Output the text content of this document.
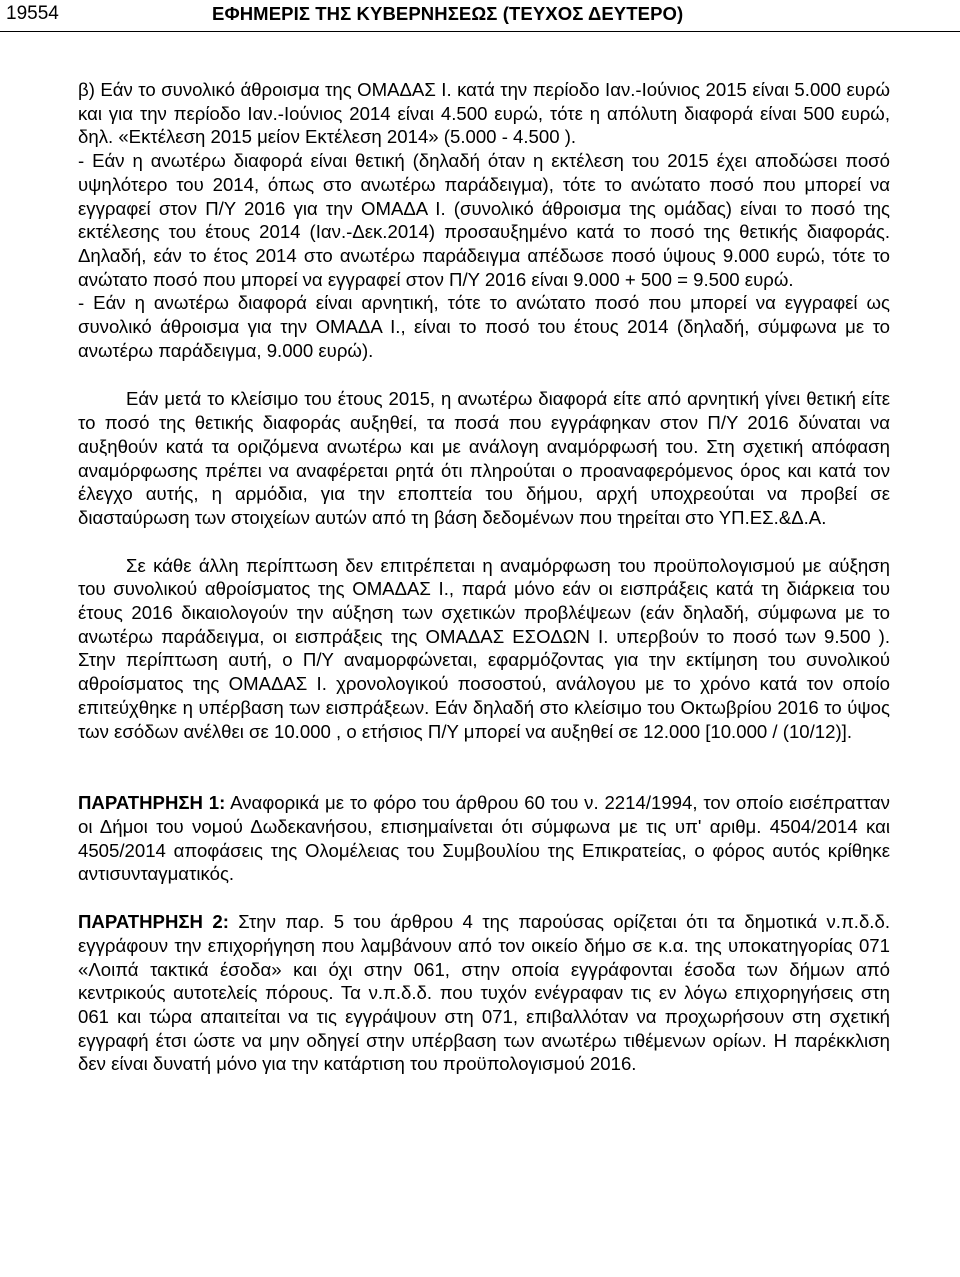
19554	ΕΦΗΜΕΡΙΣ ΤΗΣ ΚΥΒΕΡΝΗΣΕΩΣ (ΤΕΥΧΟΣ ΔΕΥΤΕΡΟ)

β) Εάν το συνολικό άθροισμα της ΟΜΑΔΑΣ Ι. κατά την περίοδο Ιαν.-Ιούνιος 2015 είναι 5.000 ευρώ και για την περίοδο Ιαν.-Ιούνιος 2014 είναι 4.500 ευρώ, τότε η απόλυτη διαφορά είναι 500 ευρώ, δηλ. «Εκτέλεση 2015 μείον Εκτέλεση 2014» (5.000 - 4.500 ).

- Εάν η ανωτέρω διαφορά είναι θετική (δηλαδή όταν η εκτέλεση του 2015 έχει αποδώσει ποσό υψηλότερο του 2014, όπως στο ανωτέρω παράδειγμα), τότε το ανώτατο ποσό που μπορεί να εγγραφεί στον Π/Υ 2016 για την ΟΜΑΔΑ Ι. (συνολικό άθροισμα της ομάδας) είναι το ποσό της εκτέλεσης του έτους 2014 (Ιαν.-Δεκ.2014) προσαυξημένο κατά το ποσό της θετικής διαφοράς. Δηλαδή, εάν το έτος 2014 στο ανωτέρω παράδειγμα απέδωσε ποσό ύψους 9.000 ευρώ, τότε το ανώτατο ποσό που μπορεί να εγγραφεί στον Π/Υ 2016 είναι 9.000 + 500 = 9.500 ευρώ.

- Εάν η ανωτέρω διαφορά είναι αρνητική, τότε το ανώτατο ποσό που μπορεί να εγγραφεί ως συνολικό άθροισμα για την ΟΜΑΔΑ Ι., είναι το ποσό του έτους 2014 (δηλαδή, σύμφωνα με το ανωτέρω παράδειγμα, 9.000 ευρώ).

Εάν μετά το κλείσιμο του έτους 2015, η ανωτέρω διαφορά είτε από αρνητική γίνει θετική είτε το ποσό της θετικής διαφοράς αυξηθεί, τα ποσά που εγγράφηκαν στον Π/Υ 2016 δύναται να αυξηθούν κατά τα οριζόμενα ανωτέρω και με ανάλογη αναμόρφωσή του. Στη σχετική απόφαση αναμόρφωσης πρέπει να αναφέρεται ρητά ότι πληρούται ο προαναφερόμενος όρος και κατά τον έλεγχο αυτής, η αρμόδια, για την εποπτεία του δήμου, αρχή υποχρεούται να προβεί σε διασταύρωση των στοιχείων αυτών από τη βάση δεδομένων που τηρείται στο ΥΠ.ΕΣ.&Δ.Α.

Σε κάθε άλλη περίπτωση δεν επιτρέπεται η αναμόρφωση του προϋπολογισμού με αύξηση του συνολικού αθροίσματος της ΟΜΑΔΑΣ Ι., παρά μόνο εάν οι εισπράξεις κατά τη διάρκεια του έτους 2016 δικαιολογούν την αύξηση των σχετικών προβλέψεων (εάν δηλαδή, σύμφωνα με το ανωτέρω παράδειγμα, οι εισπράξεις της ΟΜΑΔΑΣ ΕΣΟΔΩΝ Ι. υπερβούν το ποσό των 9.500 ). Στην περίπτωση αυτή, ο Π/Υ αναμορφώνεται, εφαρμόζοντας για την εκτίμηση του συνολικού αθροίσματος της ΟΜΑΔΑΣ Ι. χρονολογικού ποσοστού, ανάλογου με το χρόνο κατά τον οποίο επιτεύχθηκε η υπέρβαση των εισπράξεων. Εάν δηλαδή στο κλείσιμο του Οκτωβρίου 2016 το ύψος των εσόδων ανέλθει σε 10.000 , ο ετήσιος Π/Υ μπορεί να αυξηθεί σε 12.000 [10.000 / (10/12)].

ΠΑΡΑΤΗΡΗΣΗ 1: Αναφορικά με το φόρο του άρθρου 60 του ν. 2214/1994, τον οποίο εισέπρατταν οι Δήμοι του νομού Δωδεκανήσου, επισημαίνεται ότι σύμφωνα με τις υπ' αριθμ. 4504/2014 και 4505/2014 αποφάσεις της Ολομέλειας του Συμβουλίου της Επικρατείας, ο φόρος αυτός κρίθηκε αντισυνταγματικός.

ΠΑΡΑΤΗΡΗΣΗ 2: Στην παρ. 5 του άρθρου 4 της παρούσας ορίζεται ότι τα δημοτικά ν.π.δ.δ. εγγράφουν την επιχορήγηση που λαμβάνουν από τον οικείο δήμο σε κ.α. της υποκατηγορίας 071 «Λοιπά τακτικά έσοδα» και όχι στην 061, στην οποία εγγράφονται έσοδα των δήμων από κεντρικούς αυτοτελείς πόρους. Τα ν.π.δ.δ. που τυχόν ενέγραφαν τις εν λόγω επιχορηγήσεις στη 061 και τώρα απαιτείται να τις εγγράψουν στη 071, επιβαλλόταν να προχωρήσουν στη σχετική εγγραφή έτσι ώστε να μην οδηγεί στην υπέρβαση των ανωτέρω τιθέμενων ορίων. Η παρέκκλιση δεν είναι δυνατή μόνο για την κατάρτιση του προϋπολογισμού 2016.
